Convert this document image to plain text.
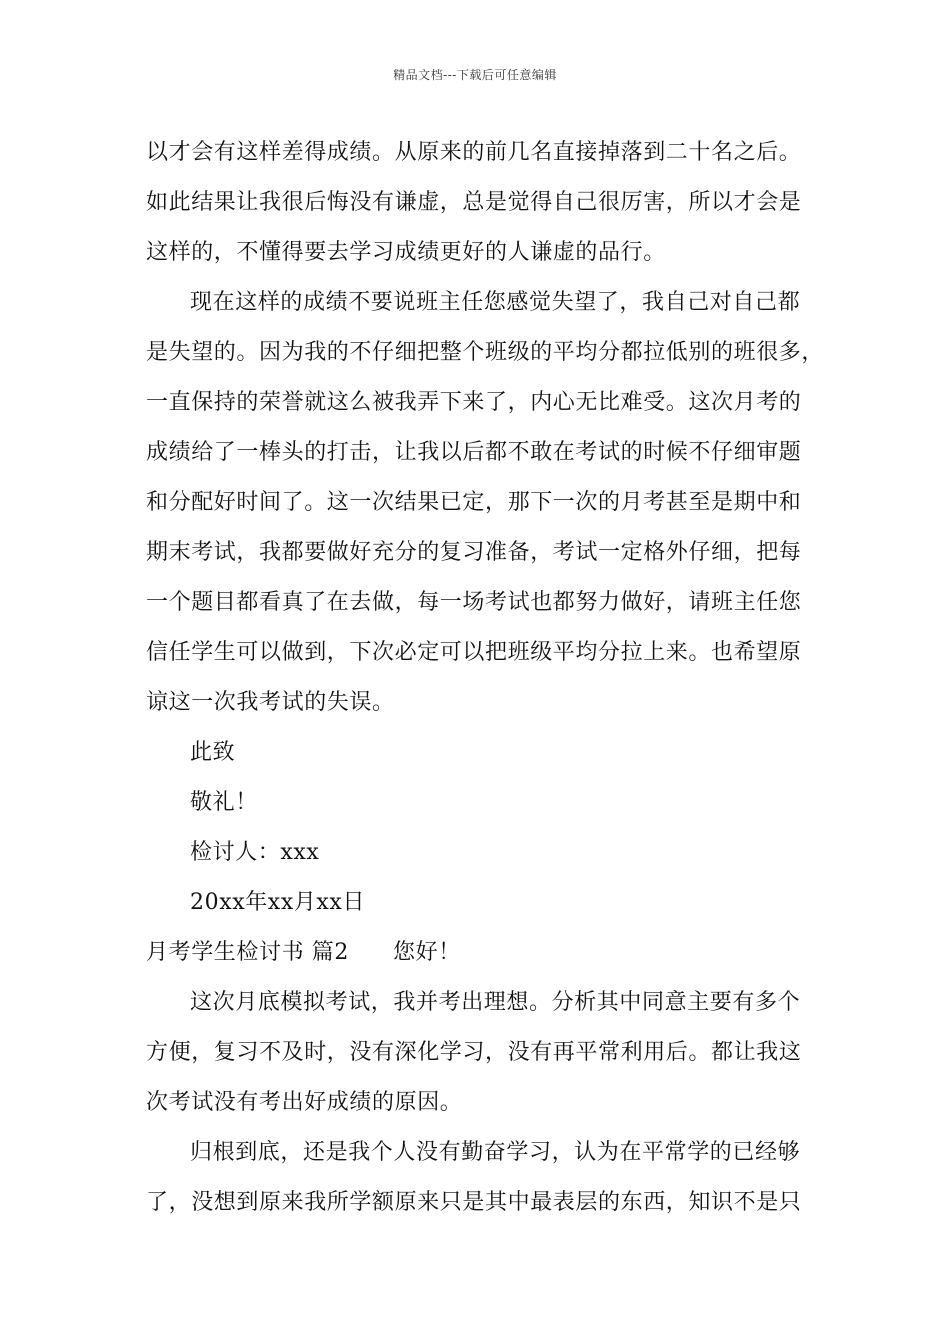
精品文档---下载后可任意编辑
以才会有这样差得成绩。从原来的前几名直接掉落到二十名之后。
如此结果让我很后悔没有谦虚，总是觉得自己很厉害，所以才会是
这样的，不懂得要去学习成绩更好的人谦虚的品行。
现在这样的成绩不要说班主任您感觉失望了，我自己对自己都
是失望的。因为我的不仔细把整个班级的平均分都拉低别的班很多，
一直保持的荣誉就这么被我弄下来了，内心无比难受。这次月考的
成绩给了一棒头的打击，让我以后都不敢在考试的时候不仔细审题
和分配好时间了。这一次结果已定，那下一次的月考甚至是期中和
期末考试，我都要做好充分的复习准备，考试一定格外仔细，把每
一个题目都看真了在去做，每一场考试也都努力做好，请班主任您
信任学生可以做到，下次必定可以把班级平均分拉上来。也希望原
谅这一次我考试的失误。
此致
敬礼！
检讨人：xxx
20xx年xx月xx日
月考学生检讨书 篇2 您好！
这次月底模拟考试，我并考出理想。分析其中同意主要有多个
方便，复习不及时，没有深化学习，没有再平常利用后。都让我这
次考试没有考出好成绩的原因。
归根到底，还是我个人没有勤奋学习，认为在平常学的已经够
了，没想到原来我所学额原来只是其中最表层的东西，知识不是只
